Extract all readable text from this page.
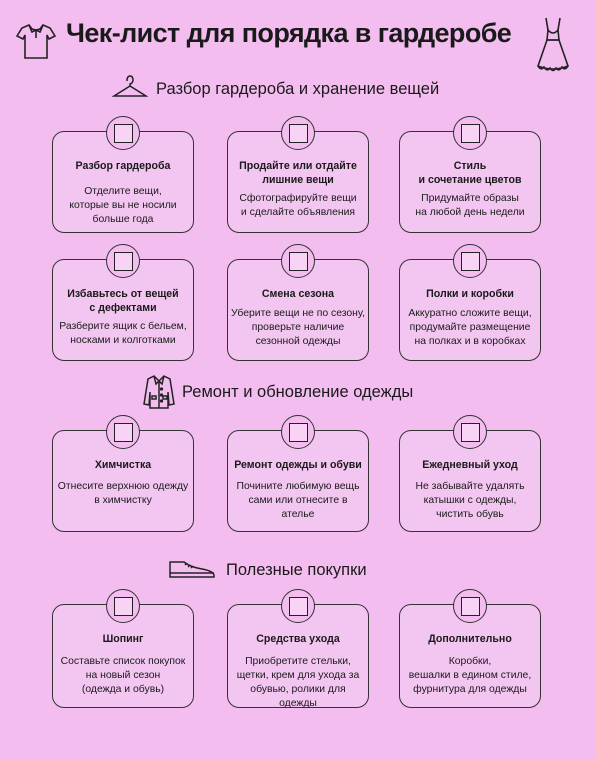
Чек-лист для порядка в гардеробе
Разбор гардероба и хранение вещей
Разбор гардероба
Отделите вещи,
которые вы не носили
больше года
Продайте или отдайте
лишние вещи
Сфотографируйте вещи
и сделайте объявления
Стиль
и сочетание цветов
Придумайте образы
на любой день недели
Избавьтесь от вещей
с дефектами
Разберите ящик с бельем,
носками и колготками
Смена сезона
Уберите вещи не по сезону,
проверьте наличие
сезонной одежды
Полки и коробки
Аккуратно сложите вещи,
продумайте размещение
на полках и в коробках
Ремонт и обновление одежды
Химчистка
Отнесите верхнюю одежду
в химчистку
Ремонт одежды и обуви
Почините любимую вещь
сами или отнесите в ателье
Ежедневный уход
Не забывайте удалять
катышки с одежды,
чистить обувь
Полезные покупки
Шопинг
Составьте список покупок
на новый сезон
(одежда и обувь)
Средства ухода
Приобретите стельки,
щетки, крем для ухода за
обувью, ролики для одежды
Дополнительно
Коробки,
вешалки в едином стиле,
фурнитура для одежды
